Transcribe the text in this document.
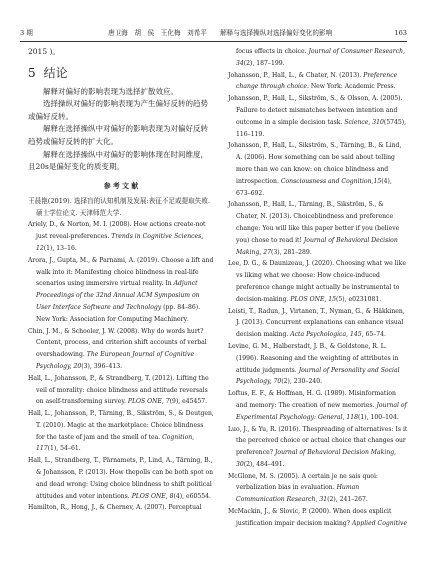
3 期	唐卫海　胡　侯　王化梅　刘希平　　解释与选择操纵对选择偏好变化的影响	163

2015 )。

5 结论

解释对偏好的影响表现为选择扩散效应。

选择操纵对偏好的影响表现为产生偏好反转的趋势或偏好反转。

解释在选择操纵中对偏好的影响表现为对偏好反转趋势或偏好反转的扩大化。

解释在选择操纵中对偏好的影响体现在时间维度，且20s是偏好变化的质变期。

参 考 文 献

王晨艳(2019). 选择盲的认知机制及发展:表征不足或提取失败. 硕士学位论文. 天津师范大学.

Ariely, D., & Norton, M. I. (2008). How actions create-not just reveal-preferences. Trends in Cognitive Sciences, 12(1), 13–16.

Arora, J., Gupta, M., & Parnami, A. (2019). Choose a lift and walk into it: Manifesting choice blindness in real-life scenarios using immersive virtual reality. In Adjunct Proceedings of the 32nd Annual ACM Symposium on User Interface Software and Technology (pp. 84–86). New York: Association for Computing Machinery.

Chin, J. M., & Schooler, J. W. (2008). Why do words hurt? Content, process, and criterion shift accounts of verbal overshadowing. The European Journal of Cognitive Psychology, 20(3), 396–413.

Hall, L., Johansson, P., & Strandberg, T. (2012). Lifting the veil of morality: choice blindness and attitude reversals on aself-transforming survey. PLOS ONE, 7(9), e45457.

Hall, L., Johansson, P., Tärning, B., Sikström, S., & Deutgen, T. (2010). Magic at the marketplace: Choice blindness for the taste of jam and the smell of tea. Cognition, 117(1), 54–61.

Hall, L., Strandberg, T., Pärnamets, P., Lind, A., Tärning, B., & Johansson, P. (2013). How thepolls can be both spot on and dead wrong: Using choice blindness to shift political attitudes and voter intentions. PLOS ONE, 8(4), e60554.

Hamilton, R., Hong, J., & Chernev, A. (2007). Perceptual

focus effects in choice. Journal of Consumer Research, 34(2), 187–199.

Johansson, P., Hall, L., & Chater, N. (2013). Preference change through choice. New York: Academic Press.

Johansson, P., Hall, L., Sikström, S., & Olsson, A. (2005). Failure to detect mismatches between intention and outcome in a simple decision task. Science, 310(5745), 116–119.

Johansson, P., Hall, L., Sikström, S., Tärning, B., & Lind, A. (2006). How something can be said about telling more than we can know: on choice blindness and introspection. Consciousness and Cognition,15(4), 673–692.

Johansson, P., Hall, L., Tärning, B., Sikström, S., & Chater, N. (2013). Choiceblindness and preference change: You will like this paper better if you (believe you) chose to read it! Journal of Behavioral Decision Making, 27(3), 281–289.

Lee, D. G., & Daunizeau, J. (2020). Choosing what we like vs liking what we choose: How choice-induced preference change might actually be instrumental to decision-making. PLOS ONE, 15(5), e0231081.

Leisti, T., Radun, J., Virtanen, T., Nyman, G., & Häkkinen, J. (2013). Concurrent explanations can enhance visual decision making. Acta Psychologica, 145, 65–74.

Levine, G. M., Halberstadt, J. B., & Goldstone, R. L. (1996). Reasoning and the weighting of attributes in attitude judgments. Journal of Personality and Social Psychology, 70(2), 230–240.

Loftus, E. F., & Hoffman, H. G. (1989). Misinformation and memory: The creation of new memories. Journal of Experimental Psychology: General, 118(1), 100–104.

Luo, J., & Yu, R. (2016). Thespreading of alternatives: Is it the perceived choice or actual choice that changes our preference? Journal of Behavioral Decision Making, 30(2), 484–491.

McGlone, M. S. (2005). A certain je ne sais quoi: verbalization bias in evaluation. Human Communication Research, 31(2), 241–267.

McMackin, J., & Slovic, P. (2000). When does explicit justification impair decision making? Applied Cognitive
